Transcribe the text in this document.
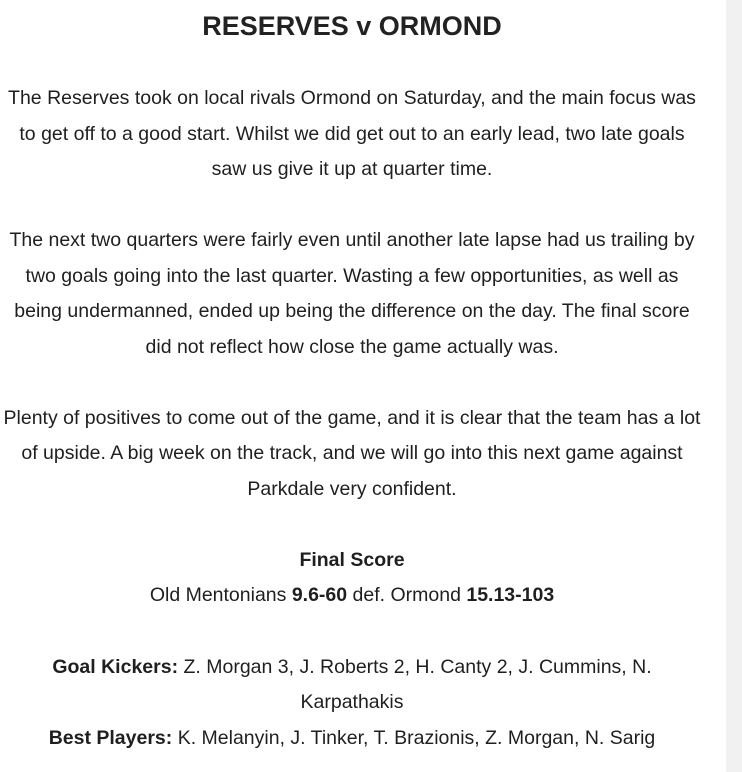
RESERVES v ORMOND

The Reserves took on local rivals Ormond on Saturday, and the main focus was to get off to a good start. Whilst we did get out to an early lead, two late goals saw us give it up at quarter time.

The next two quarters were fairly even until another late lapse had us trailing by two goals going into the last quarter. Wasting a few opportunities, as well as being undermanned, ended up being the difference on the day. The final score did not reflect how close the game actually was.

Plenty of positives to come out of the game, and it is clear that the team has a lot of upside. A big week on the track, and we will go into this next game against Parkdale very confident.

Final Score

Old Mentonians 9.6-60 def. Ormond 15.13-103

Goal Kickers: Z. Morgan 3, J. Roberts 2, H. Canty 2, J. Cummins, N. Karpathakis

Best Players: K. Melanyin, J. Tinker, T. Brazionis, Z. Morgan, N. Sarig
